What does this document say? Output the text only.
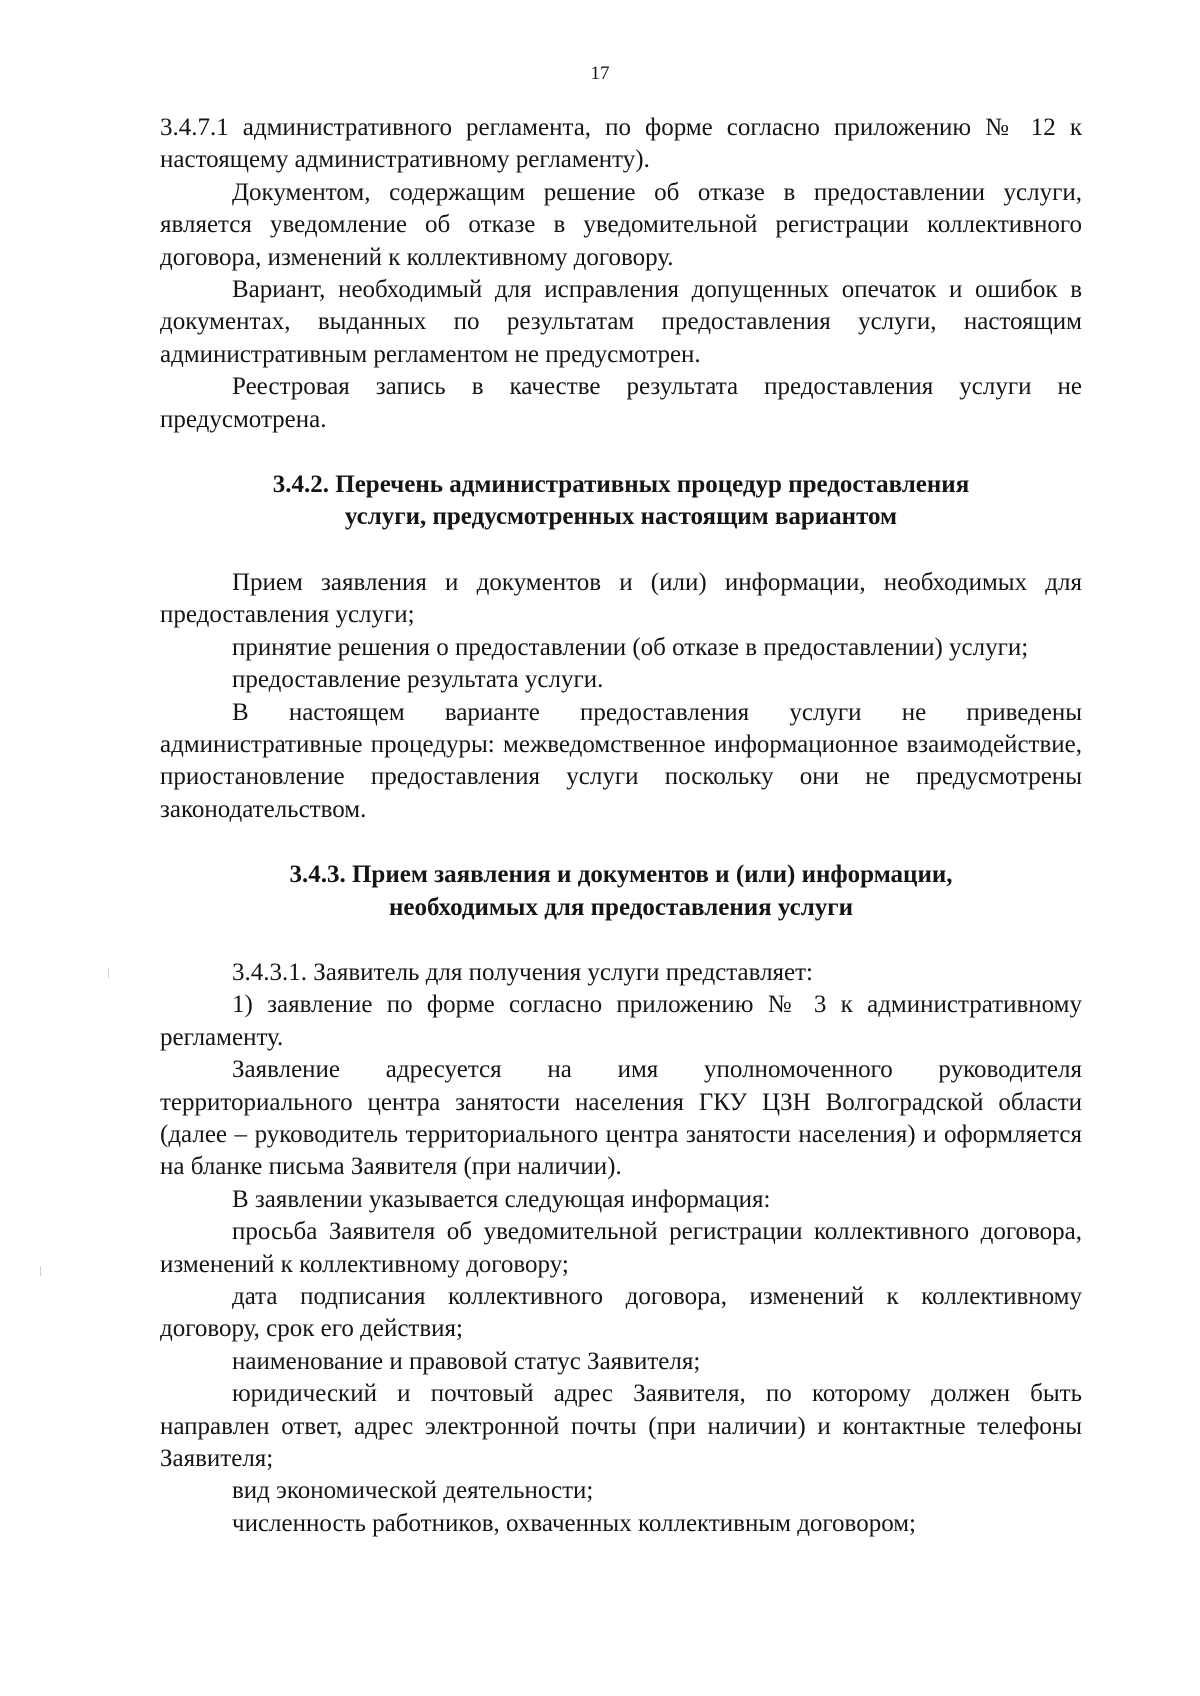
17

3.4.7.1 административного регламента, по форме согласно приложению № 12 к настоящему административному регламенту).

Документом, содержащим решение об отказе в предоставлении услуги, является уведомление об отказе в уведомительной регистрации коллективного договора, изменений к коллективному договору.

Вариант, необходимый для исправления допущенных опечаток и ошибок в документах, выданных по результатам предоставления услуги, настоящим административным регламентом не предусмотрен.

Реестровая запись в качестве результата предоставления услуги не предусмотрена.

3.4.2. Перечень административных процедур предоставления
услуги, предусмотренных настоящим вариантом

Прием заявления и документов и (или) информации, необходимых для предоставления услуги;

принятие решения о предоставлении (об отказе в предоставлении) услуги;

предоставление результата услуги.

В настоящем варианте предоставления услуги не приведены административные процедуры: межведомственное информационное взаимодействие, приостановление предоставления услуги поскольку они не предусмотрены законодательством.

3.4.3. Прием заявления и документов и (или) информации,
необходимых для предоставления услуги

3.4.3.1. Заявитель для получения услуги представляет:

1) заявление по форме согласно приложению № 3 к административному регламенту.

Заявление адресуется на имя уполномоченного руководителя территориального центра занятости населения ГКУ ЦЗН Волгоградской области (далее – руководитель территориального центра занятости населения) и оформляется на бланке письма Заявителя (при наличии).

В заявлении указывается следующая информация:

просьба Заявителя об уведомительной регистрации коллективного договора, изменений к коллективному договору;

дата подписания коллективного договора, изменений к коллективному договору, срок его действия;

наименование и правовой статус Заявителя;

юридический и почтовый адрес Заявителя, по которому должен быть направлен ответ, адрес электронной почты (при наличии) и контактные телефоны Заявителя;

вид экономической деятельности;

численность работников, охваченных коллективным договором;
